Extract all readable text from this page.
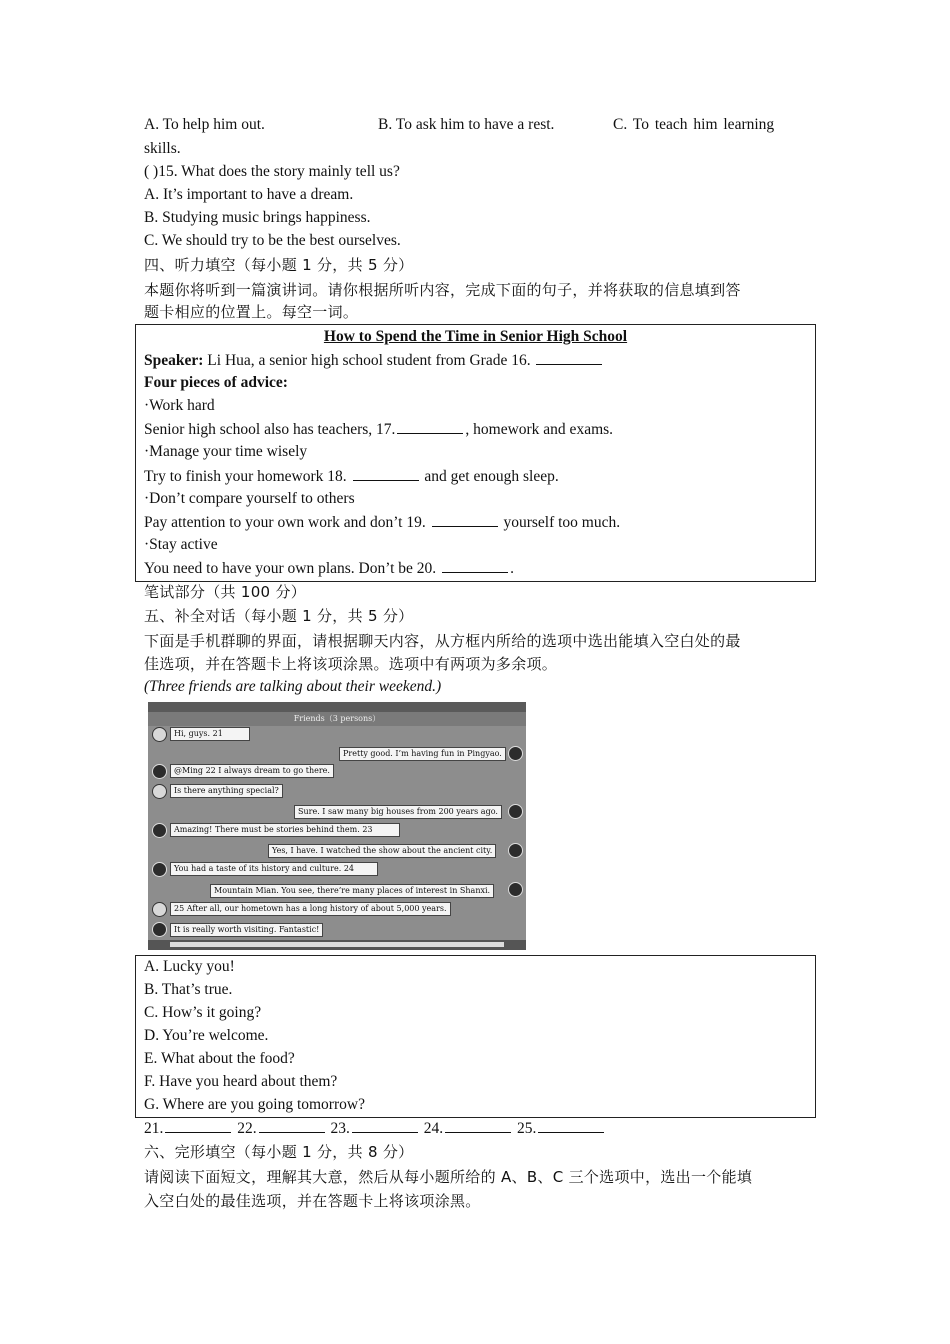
A. To help him out.	B. To ask him to have a rest.	C. To teach him learning
skills.
( )15. What does the story mainly tell us?
A. It’s important to have a dream.
B. Studying music brings happiness.
C. We should try to be the best ourselves.
四、听力填空（每小题 1 分，共 5 分）
本题你将听到一篇演讲词。请你根据所听内容，完成下面的句子，并将获取的信息填到答
题卡相应的位置上。每空一词。
How to Spend the Time in Senior High School
Speaker: Li Hua, a senior high school student from Grade 16.
Four pieces of advice:
·Work hard
Senior high school also has teachers, 17.	, homework and exams.
·Manage your time wisely
Try to finish your homework 18.	and get enough sleep.
·Don’t compare yourself to others
Pay attention to your own work and don’t 19.	yourself too much.
·Stay active
You need to have your own plans. Don’t be 20.	.
笔试部分（共 100 分）
五、补全对话（每小题 1 分，共 5 分）
下面是手机群聊的界面，请根据聊天内容，从方框内所给的选项中选出能填入空白处的最
佳选项，并在答题卡上将该项涂黑。选项中有两项为多余项。
(Three friends are talking about their weekend.)
Friends（3 persons）
Hi, guys. 21
Pretty good. I’m having fun in Pingyao.
@Ming 22 I always dream to go there.
Is there anything special?
Sure. I saw many big houses from 200 years ago.
Amazing! There must be stories behind them. 23
Yes, I have. I watched the show about the ancient city.
You had a taste of its history and culture. 24
Mountain Mian. You see, there’re many places of interest in Shanxi.
25 After all, our hometown has a long history of about 5,000 years.
It is really worth visiting. Fantastic!
A. Lucky you!
B. That’s true.
C. How’s it going?
D. You’re welcome.
E. What about the food?
F. Have you heard about them?
G. Where are you going tomorrow?
21.	22.	23.	24.	25.
六、完形填空（每小题 1 分，共 8 分）
请阅读下面短文，理解其大意，然后从每小题所给的 A、B、C 三个选项中，选出一个能填
入空白处的最佳选项，并在答题卡上将该项涂黑。
